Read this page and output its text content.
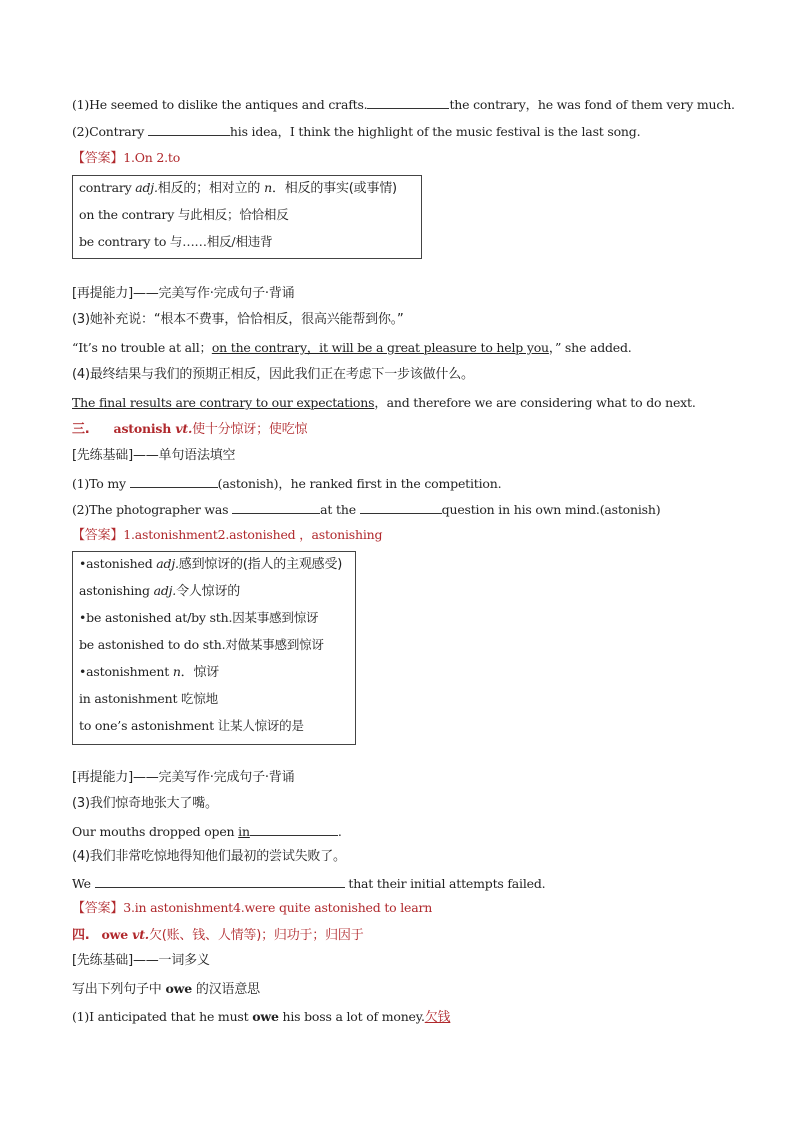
(1)He seemed to dislike the antiques and crafts.	the contrary，he was fond of them very much.
(2)Contrary	his idea，I think the highlight of the music festival is the last song.
【答案】1.On 2.to
contrary adj.相反的；相对立的 n．相反的事实(或事情)
on the contrary 与此相反；恰恰相反
be contrary to 与……相反/相违背
[再提能力]——完美写作·完成句子·背诵
(3)她补充说：“根本不费事，恰恰相反，很高兴能帮到你。”
“It’s no trouble at all；on the contrary，it will be a great pleasure to help you，” she added.
(4)最终结果与我们的预期正相反，因此我们正在考虑下一步该做什么。
The final results are contrary to our expectations，and therefore we are considering what to do next.
三. astonish vt.使十分惊讶；使吃惊
[先练基础]——单句语法填空
(1)To my	(astonish)，he ranked first in the competition.
(2)The photographer was	at the	question in his own mind.(astonish)
【答案】1.astonishment2.astonished ，astonishing
•astonished adj.感到惊讶的(指人的主观感受)
astonishing adj.令人惊讶的
•be astonished at/by sth.因某事感到惊讶
be astonished to do sth.对做某事感到惊讶
•astonishment n．惊讶
in astonishment 吃惊地
to one’s astonishment 让某人惊讶的是
[再提能力]——完美写作·完成句子·背诵
(3)我们惊奇地张大了嘴。
Our mouths dropped open in	.
(4)我们非常吃惊地得知他们最初的尝试失败了。
We	that their initial attempts failed.
【答案】3.in astonishment4.were quite astonished to learn
四. owe vt.欠(账、钱、人情等)；归功于；归因于
[先练基础]——一词多义
写出下列句子中 owe 的汉语意思
(1)I anticipated that he must owe his boss a lot of money.欠钱
